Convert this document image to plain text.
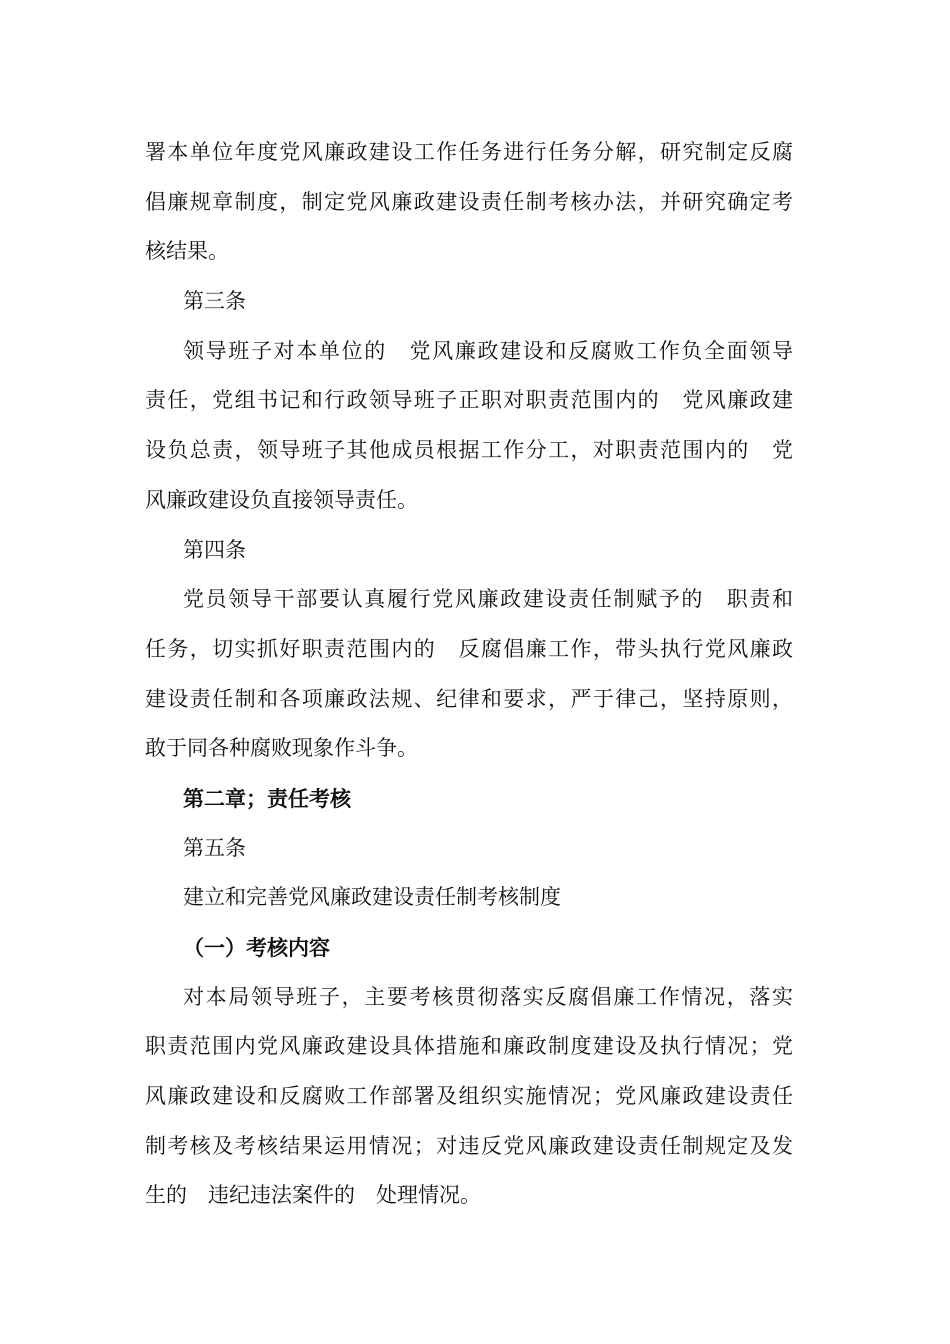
署本单位年度党风廉政建设工作任务进行任务分解，研究制定反腐
倡廉规章制度，制定党风廉政建设责任制考核办法，并研究确定考
核结果。
第三条
领导班子对本单位的　党风廉政建设和反腐败工作负全面领导
责任，党组书记和行政领导班子正职对职责范围内的　党风廉政建
设负总责，领导班子其他成员根据工作分工，对职责范围内的　党
风廉政建设负直接领导责任。
第四条
党员领导干部要认真履行党风廉政建设责任制赋予的　职责和
任务，切实抓好职责范围内的　反腐倡廉工作，带头执行党风廉政
建设责任制和各项廉政法规、纪律和要求，严于律己，坚持原则，
敢于同各种腐败现象作斗争。
第二章；责任考核
第五条
建立和完善党风廉政建设责任制考核制度
（一）考核内容
对本局领导班子，主要考核贯彻落实反腐倡廉工作情况，落实
职责范围内党风廉政建设具体措施和廉政制度建设及执行情况；党
风廉政建设和反腐败工作部署及组织实施情况；党风廉政建设责任
制考核及考核结果运用情况；对违反党风廉政建设责任制规定及发
生的　违纪违法案件的　处理情况。
